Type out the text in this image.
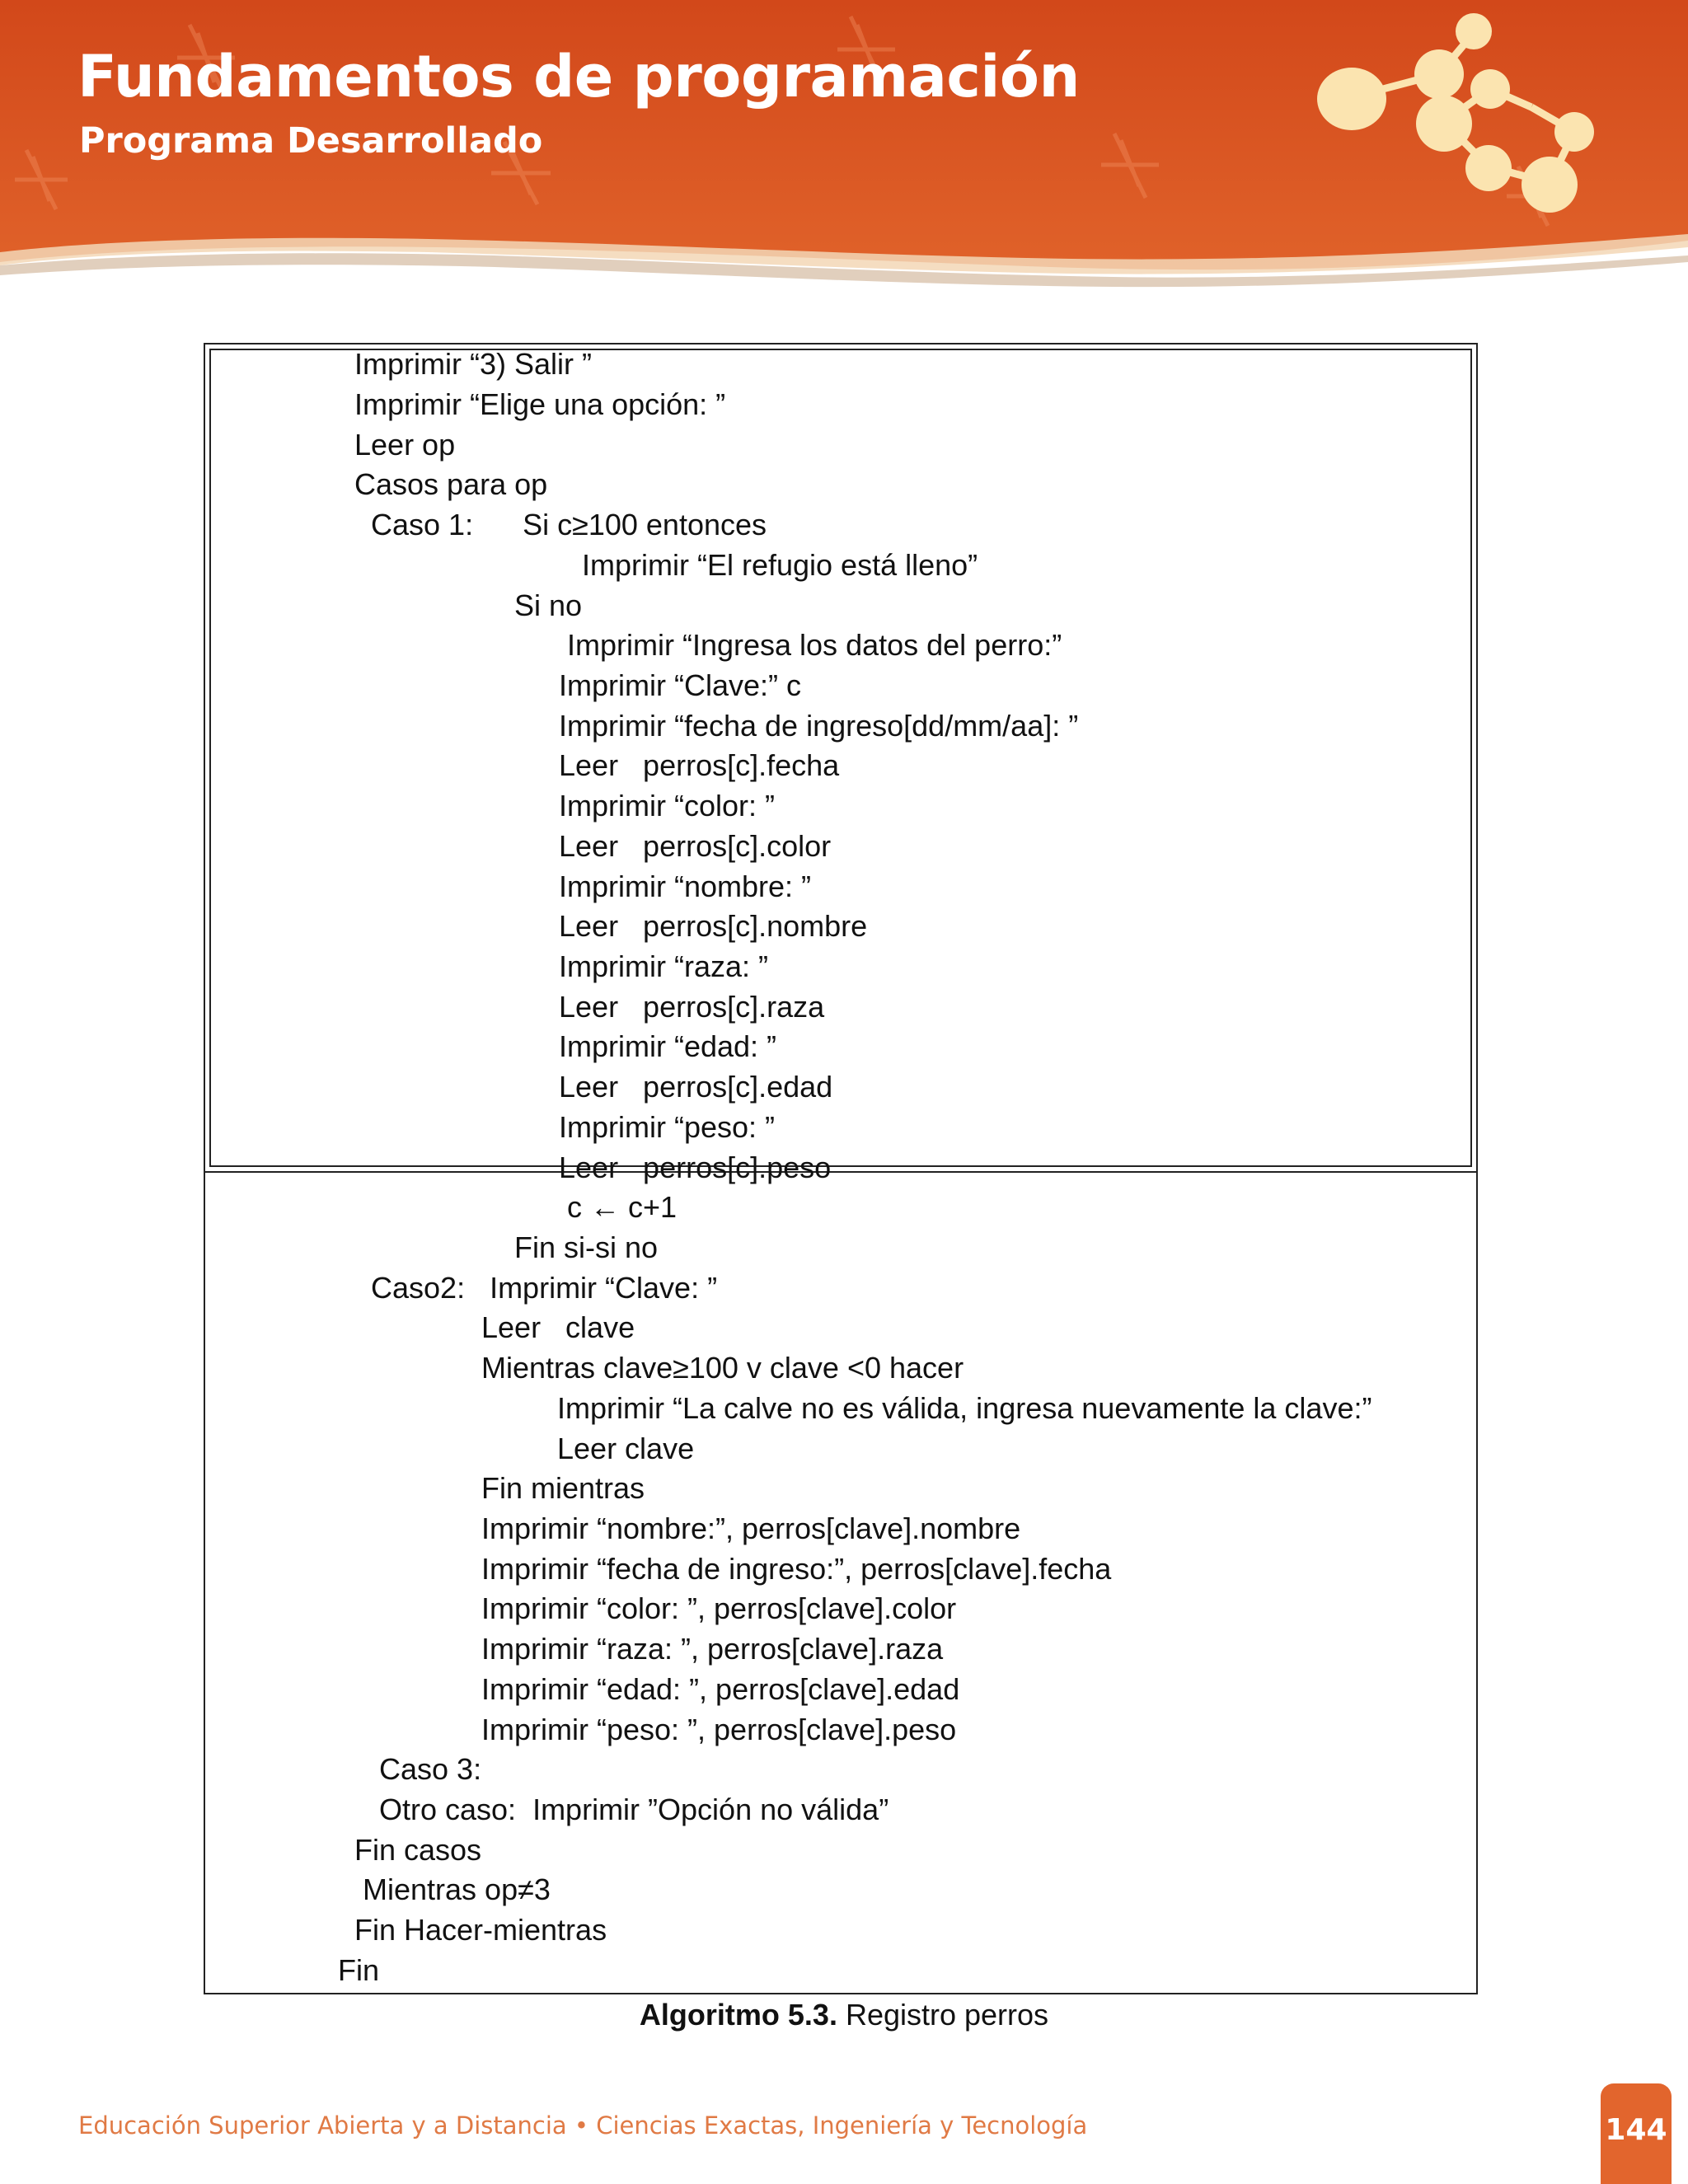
Fundamentos de programación
Programa Desarrollado
Imprimir “3) Salir ”
Imprimir “Elige una opción: ”
Leer op
Casos para op
Caso 1:      Si c≥100 entonces
Imprimir “El refugio está lleno”
Si no
Imprimir “Ingresa los datos del perro:”
Imprimir “Clave:” c
Imprimir “fecha de ingreso[dd/mm/aa]: ”
Leer   perros[c].fecha
Imprimir “color: ”
Leer   perros[c].color
Imprimir “nombre: ”
Leer   perros[c].nombre
Imprimir “raza: ”
Leer   perros[c].raza
Imprimir “edad: ”
Leer   perros[c].edad
Imprimir “peso: ”
Leer   perros[c].peso
c ← c+1
Fin si-si no
Caso2:   Imprimir “Clave: ”
Leer   clave
Mientras clave≥100 v clave <0 hacer
Imprimir “La calve no es válida, ingresa nuevamente la clave:”
Leer clave
Fin mientras
Imprimir “nombre:”, perros[clave].nombre
Imprimir “fecha de ingreso:”, perros[clave].fecha
Imprimir “color: ”, perros[clave].color
Imprimir “raza: ”, perros[clave].raza
Imprimir “edad: ”, perros[clave].edad
Imprimir “peso: ”, perros[clave].peso
Caso 3:
Otro caso:  Imprimir ”Opción no válida”
Fin casos
Mientras op≠3
Fin Hacer-mientras
Fin
Algoritmo 5.3. Registro perros
Educación Superior Abierta y a Distancia • Ciencias Exactas, Ingeniería y Tecnología	144
